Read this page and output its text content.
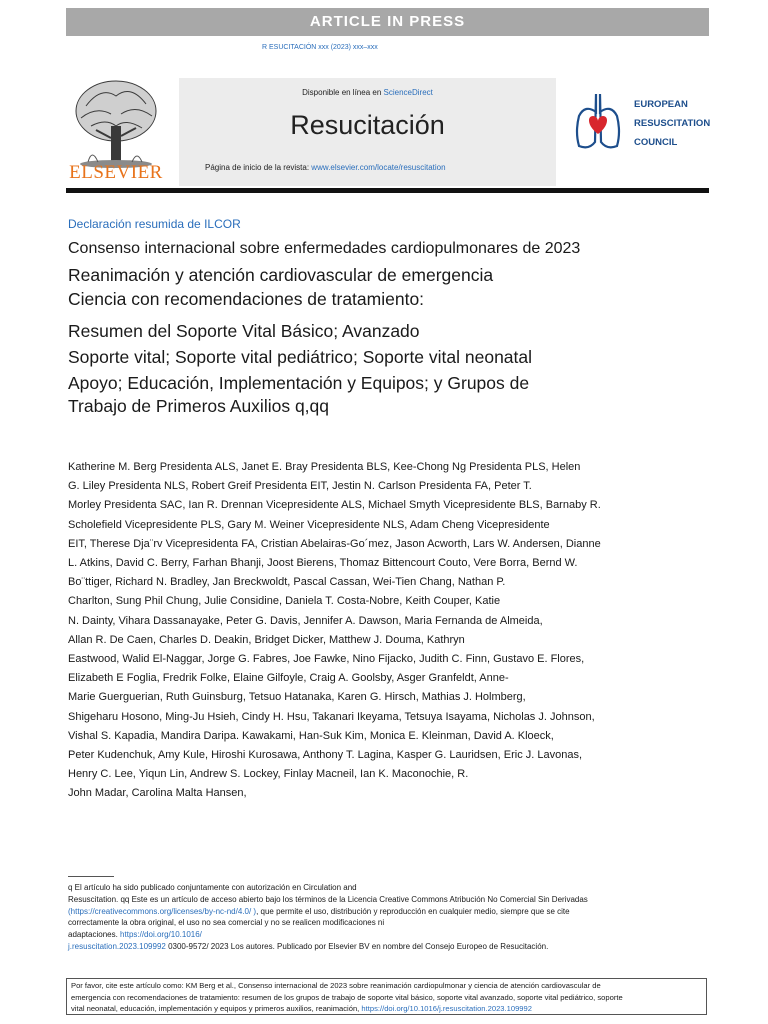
ARTICLE IN PRESS
R ESUCITACIÓN xxx (2023) xxx–xxx
ELSEVIER
Disponible en línea en ScienceDirect
Resucitación
Página de inicio de la revista: www.elsevier.com/locate/resuscitation
EUROPEAN
RESUSCITATION
COUNCIL
Declaración resumida de ILCOR
Consenso internacional sobre enfermedades cardiopulmonares de 2023
Reanimación y atención cardiovascular de emergencia
Ciencia con recomendaciones de tratamiento:
Resumen del Soporte Vital Básico; Avanzado
Soporte vital; Soporte vital pediátrico; Soporte vital neonatal
Apoyo; Educación, Implementación y Equipos; y Grupos de
Trabajo de Primeros Auxilios q,qq
Katherine M. Berg Presidenta ALS, Janet E. Bray Presidenta BLS, Kee-Chong Ng Presidenta PLS, Helen
G. Liley Presidenta NLS, Robert Greif Presidenta EIT, Jestin N. Carlson Presidenta FA, Peter T.
Morley Presidenta SAC, Ian R. Drennan Vicepresidente ALS, Michael Smyth Vicepresidente BLS, Barnaby R.
Scholefield Vicepresidente PLS, Gary M. Weiner Vicepresidente NLS, Adam Cheng Vicepresidente
EIT, Therese Dja¨rv Vicepresidenta FA, Cristian Abelairas-Go´mez, Jason Acworth, Lars W. Andersen, Dianne
L. Atkins, David C. Berry, Farhan Bhanji, Joost Bierens, Thomaz Bittencourt Couto, Vere Borra, Bernd W.
Bo¨ttiger, Richard N. Bradley, Jan Breckwoldt, Pascal Cassan, Wei-Tien Chang, Nathan P.
Charlton, Sung Phil Chung, Julie Considine, Daniela T. Costa-Nobre, Keith Couper, Katie
N. Dainty, Vihara Dassanayake, Peter G. Davis, Jennifer A. Dawson, Maria Fernanda de Almeida,
Allan R. De Caen, Charles D. Deakin, Bridget Dicker, Matthew J. Douma, Kathryn
Eastwood, Walid El-Naggar, Jorge G. Fabres, Joe Fawke, Nino Fijacko, Judith C. Finn, Gustavo E. Flores,
Elizabeth E Foglia, Fredrik Folke, Elaine Gilfoyle, Craig A. Goolsby, Asger Granfeldt, Anne-
Marie Guerguerian, Ruth Guinsburg, Tetsuo Hatanaka, Karen G. Hirsch, Mathias J. Holmberg,
Shigeharu Hosono, Ming-Ju Hsieh, Cindy H. Hsu, Takanari Ikeyama, Tetsuya Isayama, Nicholas J. Johnson,
Vishal S. Kapadia, Mandira Daripa. Kawakami, Han-Suk Kim, Monica E. Kleinman, David A. Kloeck,
Peter Kudenchuk, Amy Kule, Hiroshi Kurosawa, Anthony T. Lagina, Kasper G. Lauridsen, Eric J. Lavonas,
Henry C. Lee, Yiqun Lin, Andrew S. Lockey, Finlay Macneil, Ian K. Maconochie, R.
John Madar, Carolina Malta Hansen,
q El artículo ha sido publicado conjuntamente con autorización en Circulation and
Resuscitation. qq Este es un artículo de acceso abierto bajo los términos de la Licencia Creative Commons Atribución No Comercial Sin Derivadas
(https://creativecommons.org/licenses/by-nc-nd/4.0/ ), que permite el uso, distribución y reproducción en cualquier medio, siempre que se cite
correctamente la obra original, el uso no sea comercial y no se realicen modificaciones ni
adaptaciones. https://doi.org/10.1016/
j.resuscitation.2023.109992 0300-9572/ 2023 Los autores. Publicado por Elsevier BV en nombre del Consejo Europeo de Resucitación.
Por favor, cite este artículo como: KM Berg et al., Consenso internacional de 2023 sobre reanimación cardiopulmonar y ciencia de atención cardiovascular de
emergencia con recomendaciones de tratamiento: resumen de los grupos de trabajo de soporte vital básico, soporte vital avanzado, soporte vital pediátrico, soporte
vital neonatal, educación, implementación y equipos y primeros auxilios, reanimación, https://doi.org/10.1016/j.resuscitation.2023.109992
